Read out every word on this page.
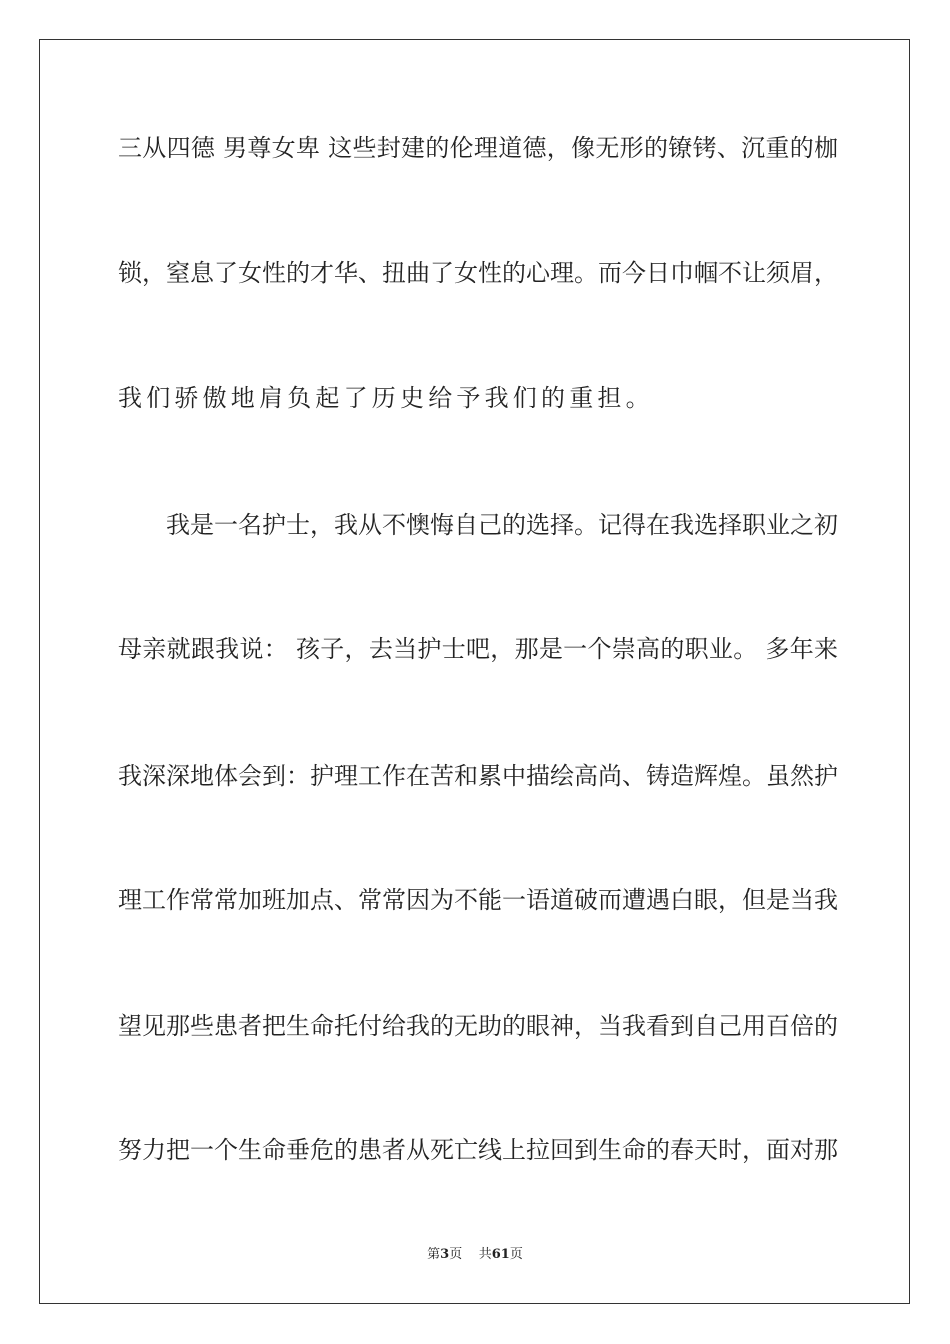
三从四德 男尊女卑 这些封建的伦理道德，像无形的镣铐、沉重的枷
锁，窒息了女性的才华、扭曲了女性的心理。而今日巾帼不让须眉，
我们骄傲地肩负起了历史给予我们的重担。
我是一名护士，我从不懊悔自己的选择。记得在我选择职业之初
母亲就跟我说： 孩子，去当护士吧，那是一个崇高的职业。 多年来
我深深地体会到：护理工作在苦和累中描绘高尚、铸造辉煌。虽然护
理工作常常加班加点、常常因为不能一语道破而遭遇白眼，但是当我
望见那些患者把生命托付给我的无助的眼神，当我看到自己用百倍的
努力把一个生命垂危的患者从死亡线上拉回到生命的春天时，面对那
第3页 共61页
